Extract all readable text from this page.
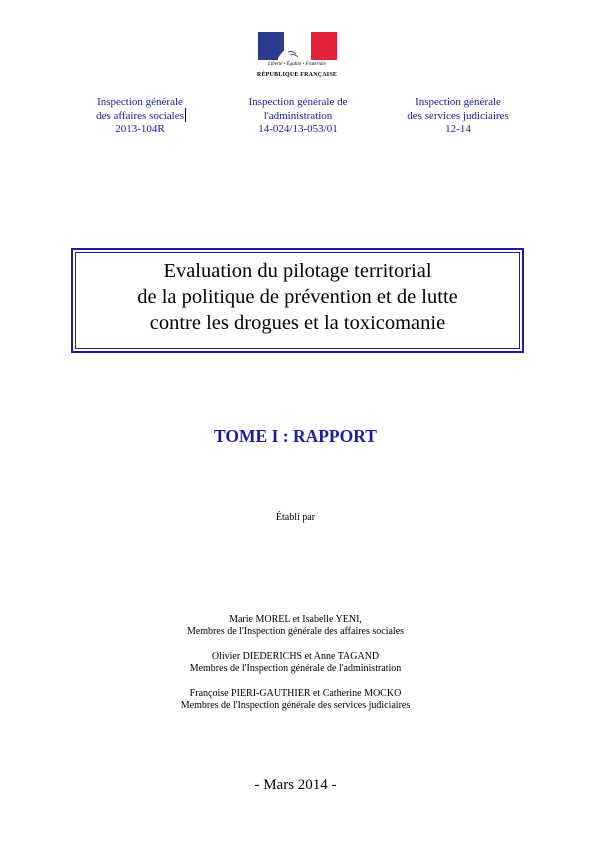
Liberté • Égalité • Fraternité
RÉPUBLIQUE FRANÇAISE
Inspection générale
des affaires sociales
2013-104R
Inspection générale de
l'administration
14-024/13-053/01
Inspection générale
des services judiciaires
12-14
Evaluation du pilotage territorial
de la politique de prévention et de lutte
contre les drogues et la toxicomanie
TOME I : RAPPORT
Établi par
Marie MOREL et Isabelle YENI,
Membres de l'Inspection générale des affaires sociales
Olivier DIEDERICHS et Anne TAGAND
Membres de l'Inspection générale de l'administration
Françoise PIERI-GAUTHIER et Catherine MOCKO
Membres de l'Inspection générale des services judiciaires
- Mars 2014 -
